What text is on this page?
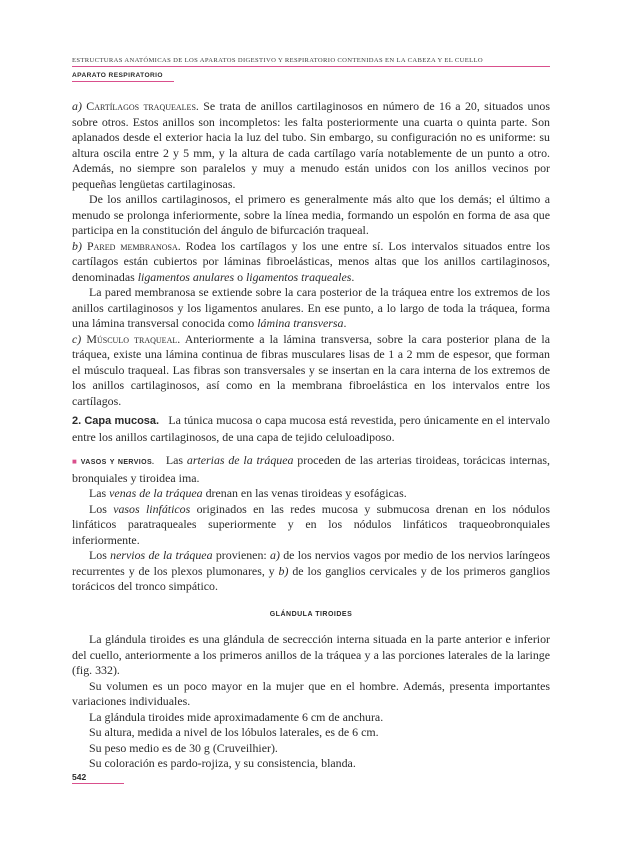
ESTRUCTURAS ANATÓMICAS DE LOS APARATOS DIGESTIVO Y RESPIRATORIO CONTENIDAS EN LA CABEZA Y EL CUELLO
APARATO RESPIRATORIO

a) Cartílagos traqueales. Se trata de anillos cartilaginosos en número de 16 a 20, situados unos sobre otros. Estos anillos son incompletos: les falta posteriormente una cuarta o quinta parte. Son aplanados desde el exterior hacia la luz del tubo. Sin embargo, su configuración no es uniforme: su altura oscila entre 2 y 5 mm, y la altura de cada cartílago varía notablemente de un punto a otro. Además, no siempre son paralelos y muy a menudo están unidos con los anillos vecinos por pequeñas lengüetas cartilaginosas.

De los anillos cartilaginosos, el primero es generalmente más alto que los demás; el último a menudo se prolonga inferiormente, sobre la línea media, formando un espolón en forma de asa que participa en la constitución del ángulo de bifurcación traqueal.

b) Pared membranosa. Rodea los cartílagos y los une entre sí. Los intervalos situados entre los cartílagos están cubiertos por láminas fibroelásticas, menos altas que los anillos cartilaginosos, denominadas ligamentos anulares o ligamentos traqueales.

La pared membranosa se extiende sobre la cara posterior de la tráquea entre los extremos de los anillos cartilaginosos y los ligamentos anulares. En ese punto, a lo largo de toda la tráquea, forma una lámina transversal conocida como lámina transversa.

c) Músculo traqueal. Anteriormente a la lámina transversa, sobre la cara posterior plana de la tráquea, existe una lámina continua de fibras musculares lisas de 1 a 2 mm de espesor, que forman el músculo traqueal. Las fibras son transversales y se insertan en la cara interna de los extremos de los anillos cartilaginosos, así como en la membrana fibroelástica en los intervalos entre los cartílagos.

2. Capa mucosa. La túnica mucosa o capa mucosa está revestida, pero únicamente en el intervalo entre los anillos cartilaginosos, de una capa de tejido celuloadiposo.

■ VASOS Y NERVIOS. Las arterias de la tráquea proceden de las arterias tiroideas, torácicas internas, bronquiales y tiroidea ima.

Las venas de la tráquea drenan en las venas tiroideas y esofágicas.

Los vasos linfáticos originados en las redes mucosa y submucosa drenan en los nódulos linfáticos paratraqueales superiormente y en los nódulos linfáticos traqueobronquiales inferiormente.

Los nervios de la tráquea provienen: a) de los nervios vagos por medio de los nervios laríngeos recurrentes y de los plexos plumonares, y b) de los ganglios cervicales y de los primeros ganglios torácicos del tronco simpático.

GLÁNDULA TIROIDES

La glándula tiroides es una glándula de secrección interna situada en la parte anterior e inferior del cuello, anteriormente a los primeros anillos de la tráquea y a las porciones laterales de la laringe (fig. 332).

Su volumen es un poco mayor en la mujer que en el hombre. Además, presenta importantes variaciones individuales.

La glándula tiroides mide aproximadamente 6 cm de anchura.

Su altura, medida a nivel de los lóbulos laterales, es de 6 cm.

Su peso medio es de 30 g (Cruveilhier).

Su coloración es pardo-rojiza, y su consistencia, blanda.

542
